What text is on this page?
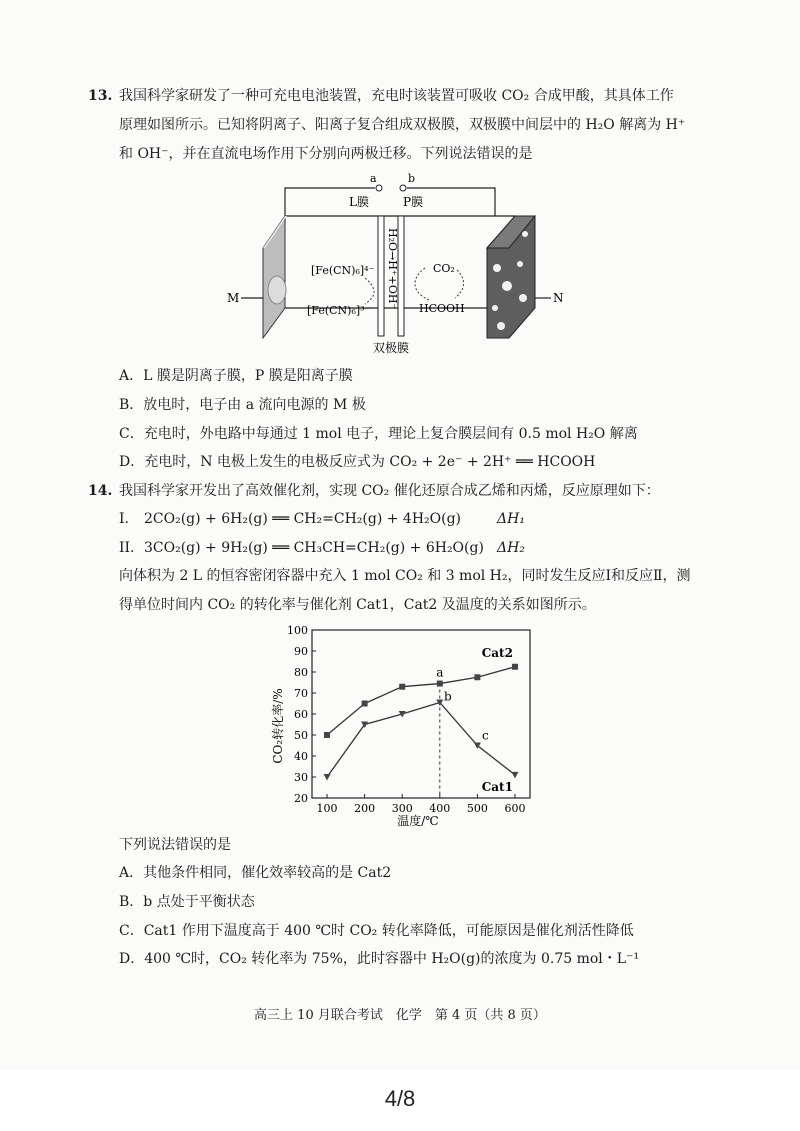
13. 我国科学家研发了一种可充电电池装置，充电时该装置可吸收 CO₂ 合成甲酸，其具体工作
原理如图所示。已知将阴离子、阳离子复合组成双极膜，双极膜中间层中的 H₂O 解离为 H⁺
和 OH⁻，并在直流电场作用下分别向两极迁移。下列说法错误的是
a	b
L膜	P膜
M	N
H₂O→H⁺+OH⁻
[Fe(CN)₆]⁴⁻
[Fe(CN)₆]³⁻
CO₂
HCOOH
双极膜
A．L 膜是阴离子膜，P 膜是阳离子膜
B．放电时，电子由 a 流向电源的 M 极
C．充电时，外电路中每通过 1 mol 电子，理论上复合膜层间有 0.5 mol H₂O 解离
D．充电时，N 电极上发生的电极反应式为 CO₂ + 2e⁻ + 2H⁺ ══ HCOOH
14. 我国科学家开发出了高效催化剂，实现 CO₂ 催化还原合成乙烯和丙烯，反应原理如下：
I. 2CO₂(g) + 6H₂(g) ══ CH₂=CH₂(g) + 4H₂O(g)	ΔH₁
II. 3CO₂(g) + 9H₂(g) ══ CH₃CH=CH₂(g) + 6H₂O(g) ΔH₂
向体积为 2 L 的恒容密闭容器中充入 1 mol CO₂ 和 3 mol H₂，同时发生反应Ⅰ和反应Ⅱ，测
得单位时间内 CO₂ 的转化率与催化剂 Cat1，Cat2 及温度的关系如图所示。
20
30
40
50
60
70
80
90
100
100 200 300 400 500 600
Cat2
Cat1
a
b
c
CO₂转化率/%
温度/℃
下列说法错误的是
A．其他条件相同，催化效率较高的是 Cat2
B．b 点处于平衡状态
C．Cat1 作用下温度高于 400 ℃时 CO₂ 转化率降低，可能原因是催化剂活性降低
D．400 ℃时，CO₂ 转化率为 75%，此时容器中 H₂O(g)的浓度为 0.75 mol・L⁻¹
高三上 10 月联合考试　化学　第 4 页（共 8 页）
4/8
